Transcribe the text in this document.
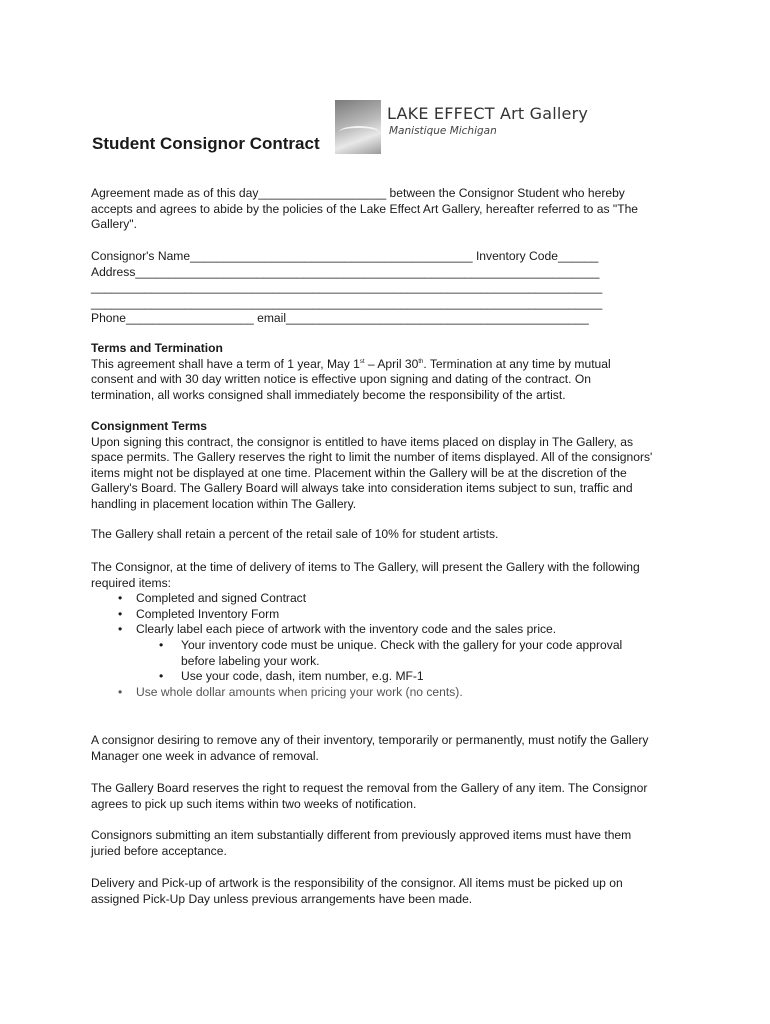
LAKE EFFECT Art Gallery
Manistique Michigan
Student Consignor Contract

Agreement made as of this day___________________ between the Consignor Student who hereby
accepts and agrees to abide by the policies of the Lake Effect Art Gallery, hereafter referred to as "The
Gallery".

Consignor's Name__________________________________________ Inventory Code______
Address_____________________________________________________________________
____________________________________________________________________________
____________________________________________________________________________
Phone___________________ email_____________________________________________

Terms and Termination
This agreement shall have a term of 1 year, May 1st – April 30th. Termination at any time by mutual
consent and with 30 day written notice is effective upon signing and dating of the contract. On
termination, all works consigned shall immediately become the responsibility of the artist.
Consignment Terms
Upon signing this contract, the consignor is entitled to have items placed on display in The Gallery, as
space permits. The Gallery reserves the right to limit the number of items displayed. All of the consignors'
items might not be displayed at one time. Placement within the Gallery will be at the discretion of the
Gallery's Board. The Gallery Board will always take into consideration items subject to sun, traffic and
handling in placement location within The Gallery.

The Gallery shall retain a percent of the retail sale of 10% for student artists.

The Consignor, at the time of delivery of items to The Gallery, will present the Gallery with the following
required items:
• Completed and signed Contract
• Completed Inventory Form
• Clearly label each piece of artwork with the inventory code and the sales price.
• Your inventory code must be unique. Check with the gallery for your code approval
before labeling your work.
• Use your code, dash, item number, e.g. MF-1
• Use whole dollar amounts when pricing your work (no cents).

A consignor desiring to remove any of their inventory, temporarily or permanently, must notify the Gallery
Manager one week in advance of removal.

The Gallery Board reserves the right to request the removal from the Gallery of any item. The Consignor
agrees to pick up such items within two weeks of notification.

Consignors submitting an item substantially different from previously approved items must have them
juried before acceptance.

Delivery and Pick-up of artwork is the responsibility of the consignor. All items must be picked up on
assigned Pick-Up Day unless previous arrangements have been made.
